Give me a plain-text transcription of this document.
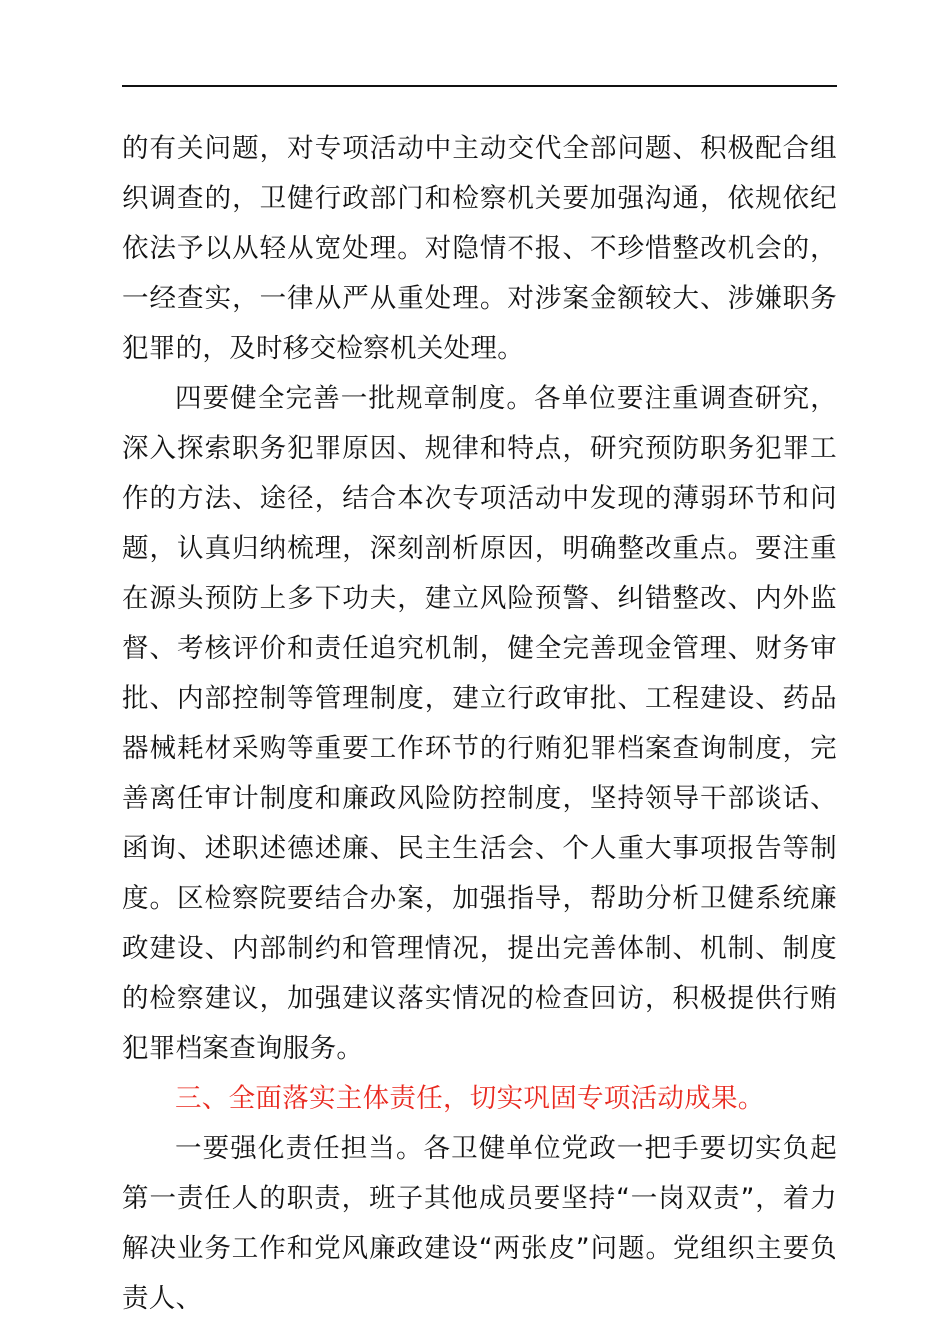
的有关问题，对专项活动中主动交代全部问题、积极配合组织调查的，卫健行政部门和检察机关要加强沟通，依规依纪依法予以从轻从宽处理。对隐情不报、不珍惜整改机会的，一经查实，一律从严从重处理。对涉案金额较大、涉嫌职务犯罪的，及时移交检察机关处理。

四要健全完善一批规章制度。各单位要注重调查研究，深入探索职务犯罪原因、规律和特点，研究预防职务犯罪工作的方法、途径，结合本次专项活动中发现的薄弱环节和问题，认真归纳梳理，深刻剖析原因，明确整改重点。要注重在源头预防上多下功夫，建立风险预警、纠错整改、内外监督、考核评价和责任追究机制，健全完善现金管理、财务审批、内部控制等管理制度，建立行政审批、工程建设、药品器械耗材采购等重要工作环节的行贿犯罪档案查询制度，完善离任审计制度和廉政风险防控制度，坚持领导干部谈话、函询、述职述德述廉、民主生活会、个人重大事项报告等制度。区检察院要结合办案，加强指导，帮助分析卫健系统廉政建设、内部制约和管理情况，提出完善体制、机制、制度的检察建议，加强建议落实情况的检查回访，积极提供行贿犯罪档案查询服务。

三、全面落实主体责任，切实巩固专项活动成果。

一要强化责任担当。各卫健单位党政一把手要切实负起第一责任人的职责，班子其他成员要坚持“一岗双责”，着力解决业务工作和党风廉政建设“两张皮”问题。党组织主要负责人、
